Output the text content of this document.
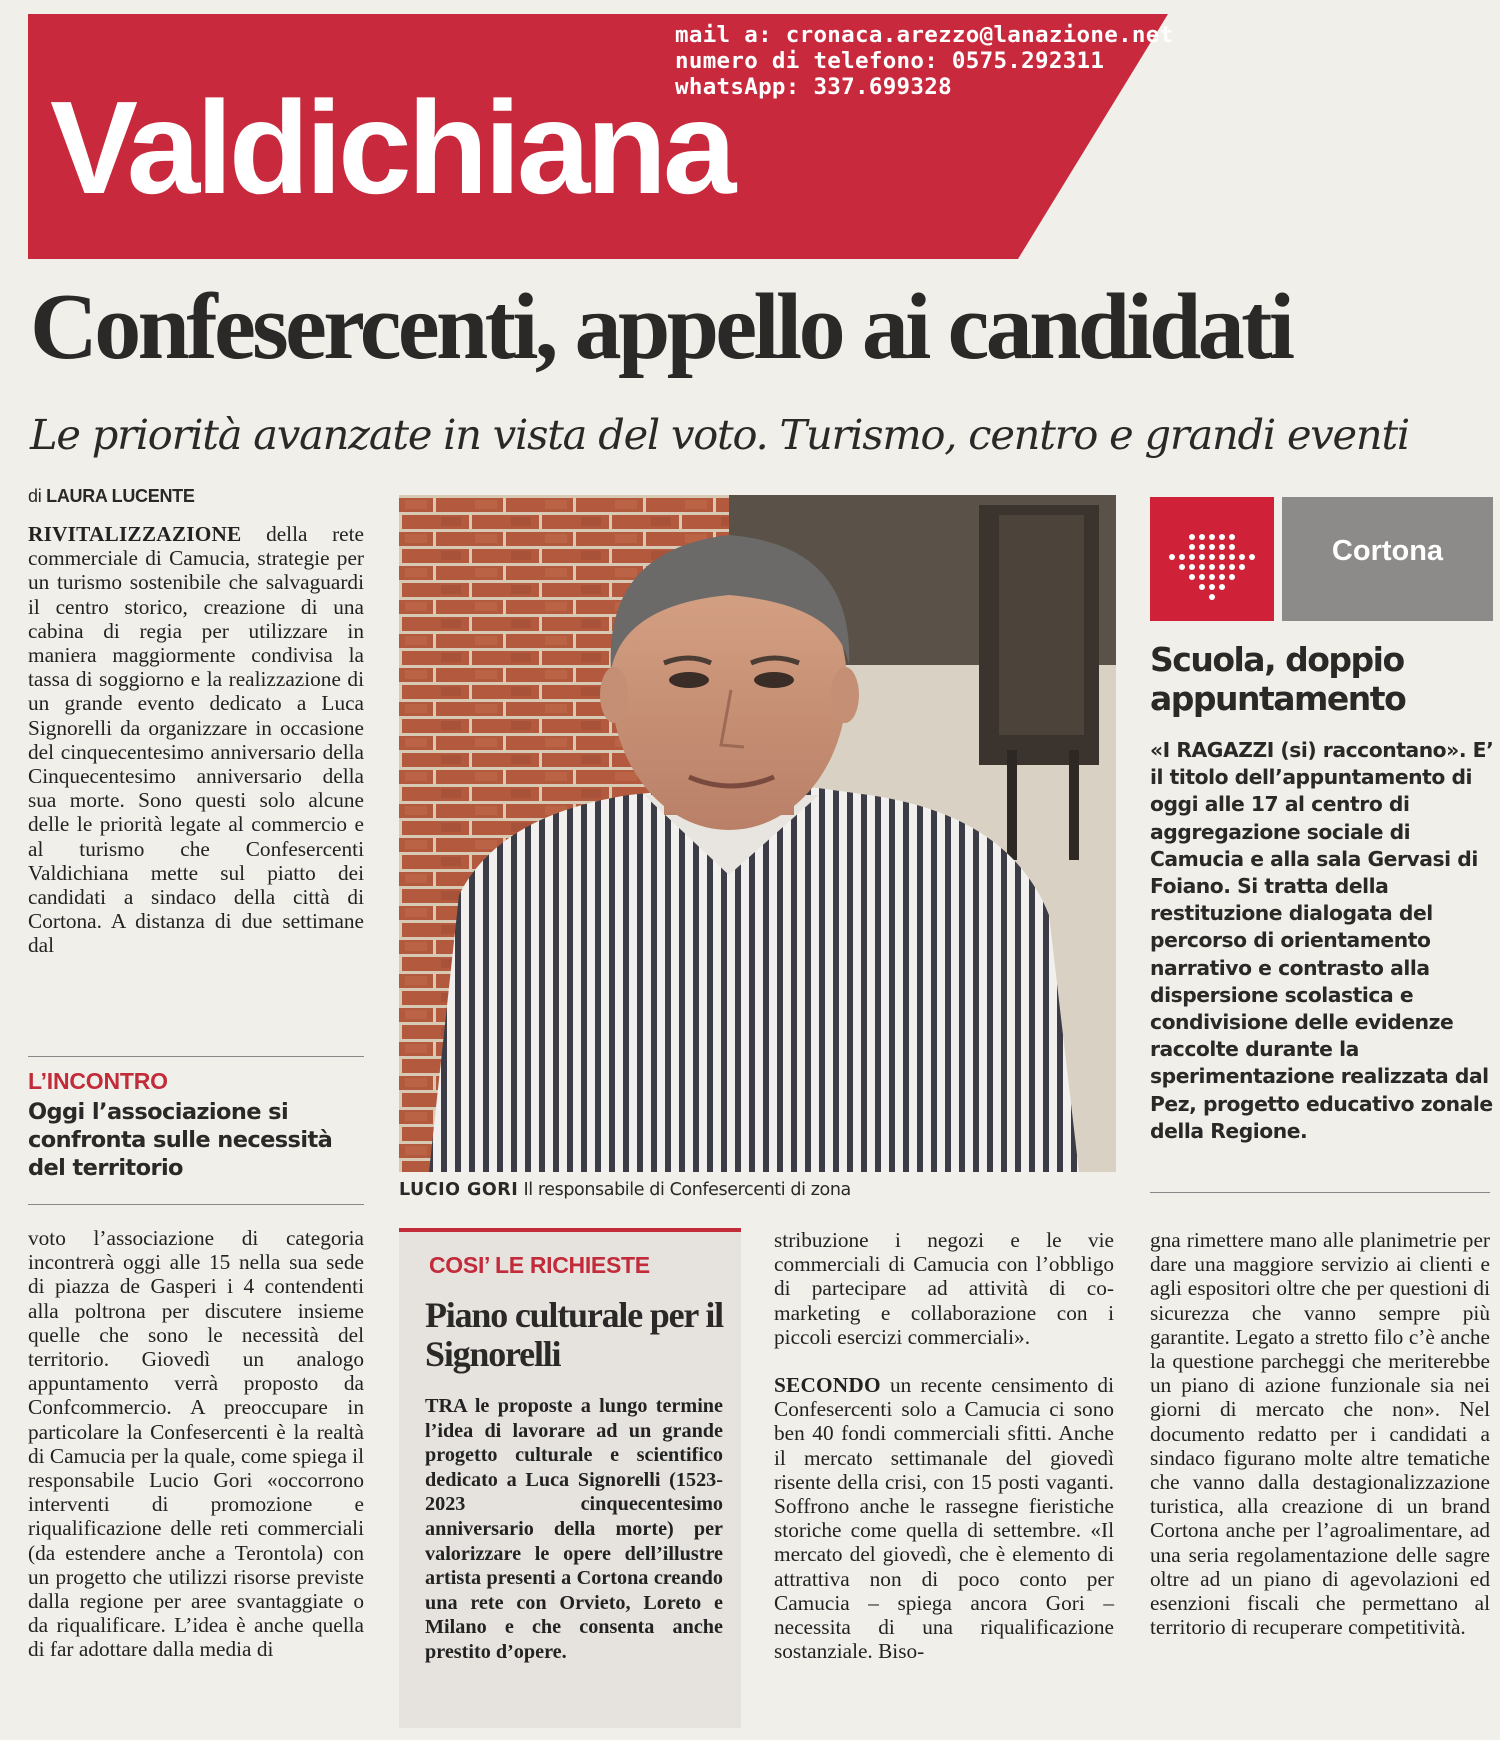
Valdichiana
mail a: cronaca.arezzo@lanazione.net
numero di telefono: 0575.292311
whatsApp: 337.699328
Confesercenti, appello ai candidati
Le priorità avanzate in vista del voto. Turismo, centro e grandi eventi
di LAURA LUCENTE
RIVITALIZZAZIONE della rete commerciale di Camucia, strategie per un turismo sostenibile che salvaguardi il centro storico, creazione di una cabina di regia per utilizzare in maniera maggiormente condivisa la tassa di soggiorno e la realizzazione di un grande evento dedicato a Luca Signorelli da organizzare in occasione del cinquecentesimo anniversario della Cinquecentesimo anniversario della sua morte. Sono questi solo alcune delle le priorità legate al commercio e al turismo che Confesercenti Valdichiana mette sul piatto dei candidati a sindaco della città di Cortona. A distanza di due settimane dal
L’INCONTRO
Oggi l’associazione si confronta sulle necessità del territorio
voto l’associazione di categoria incontrerà oggi alle 15 nella sua sede di piazza de Gasperi i 4 contendenti alla poltrona per discutere insieme quelle che sono le necessità del territorio. Giovedì un analogo appuntamento verrà proposto da Confcommercio. A preoccupare in particolare la Confesercenti è la realtà di Camucia per la quale, come spiega il responsabile Lucio Gori «occorrono interventi di promozione e riqualificazione delle reti commerciali (da estendere anche a Terontola) con un progetto che utilizzi risorse previste dalla regione per aree svantaggiate o da riqualificare. L’idea è anche quella di far adottare dalla media di
LUCIO GORI Il responsabile di Confesercenti di zona
COSI’ LE RICHIESTE
Piano culturale per il Signorelli
TRA le proposte a lungo termine l’idea di lavorare ad un grande progetto culturale e scientifico dedicato a Luca Signorelli (1523-2023 cinquecentesimo anniversario della morte) per valorizzare le opere dell’illustre artista presenti a Cortona creando una rete con Orvieto, Loreto e Milano e che consenta anche prestito d’opere.
stribuzione i negozi e le vie commerciali di Camucia con l’obbligo di partecipare ad attività di co-marketing e collaborazione con i piccoli esercizi commerciali».
SECONDO un recente censimento di Confesercenti solo a Camucia ci sono ben 40 fondi commerciali sfitti. Anche il mercato settimanale del giovedì risente della crisi, con 15 posti vaganti. Soffrono anche le rassegne fieristiche storiche come quella di settembre. «Il mercato del giovedì, che è elemento di attrattiva non di poco conto per Camucia – spiega ancora Gori – necessita di una riqualificazione sostanziale. Biso-
gna rimettere mano alle planimetrie per dare una maggiore servizio ai clienti e agli espositori oltre che per questioni di sicurezza che vanno sempre più garantite. Legato a stretto filo c’è anche la questione parcheggi che meriterebbe un piano di azione funzionale sia nei giorni di mercato che non». Nel documento redatto per i candidati a sindaco figurano molte altre tematiche che vanno dalla destagionalizzazione turistica, alla creazione di un brand Cortona anche per l’agroalimentare, ad una seria regolamentazione delle sagre oltre ad un piano di agevolazioni ed esenzioni fiscali che permettano al territorio di recuperare competitività.
Cortona
Scuola, doppio appuntamento
«I RAGAZZI (si) raccontano». E’ il titolo dell’appuntamento di oggi alle 17 al centro di aggregazione sociale di Camucia e alla sala Gervasi di Foiano. Si tratta della restituzione dialogata del percorso di orientamento narrativo e contrasto alla dispersione scolastica e condivisione delle evidenze raccolte durante la sperimentazione realizzata dal Pez, progetto educativo zonale della Regione.
